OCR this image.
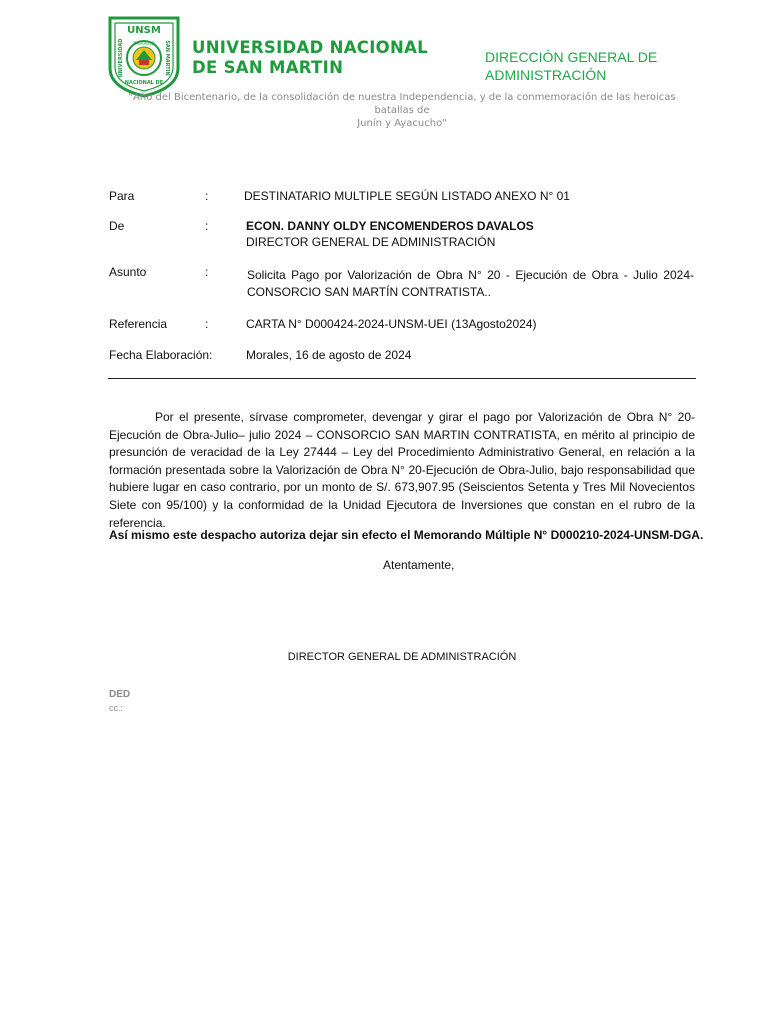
UNSM
TARAPOTO
UNIVERSIDAD	SAN MARTIN
NACIONAL DE
UNIVERSIDAD NACIONAL
DE SAN MARTIN
DIRECCIÓN GENERAL DE
ADMINISTRACIÓN
"Año del Bicentenario, de la consolidación de nuestra Independencia, y de la conmemoración de las heroicas batallas de
Junín y Ayacucho"
Para	:	DESTINATARIO MULTIPLE SEGÚN LISTADO ANEXO N° 01
De	:	ECON. DANNY OLDY ENCOMENDEROS DAVALOS
DIRECTOR GENERAL DE ADMINISTRACIÓN
Asunto	:	Solicita Pago por Valorización de Obra N° 20 - Ejecución de Obra - Julio 2024- CONSORCIO SAN MARTÍN CONTRATISTA..
Referencia	:	CARTA N° D000424-2024-UNSM-UEI (13Agosto2024)
Fecha Elaboración:	Morales, 16 de agosto de 2024

Por el presente, sírvase comprometer, devengar y girar el pago por Valorización de Obra N° 20-Ejecución de Obra-Julio– julio 2024 – CONSORCIO SAN MARTIN CONTRATISTA, en mérito al principio de presunción de veracidad de la Ley 27444 – Ley del Procedimiento Administrativo General, en relación a la formación presentada sobre la Valorización de Obra N° 20-Ejecución de Obra-Julio, bajo responsabilidad que hubiere lugar en caso contrario, por un monto de S/. 673,907.95 (Seiscientos Setenta y Tres Mil Novecientos Siete con 95/100) y la conformidad de la Unidad Ejecutora de Inversiones que constan en el rubro de la referencia.

Así mismo este despacho autoriza dejar sin efecto el Memorando Múltiple N° D000210-2024-UNSM-DGA.
Atentamente,
DIRECTOR GENERAL DE ADMINISTRACIÓN
DED
cc.:
